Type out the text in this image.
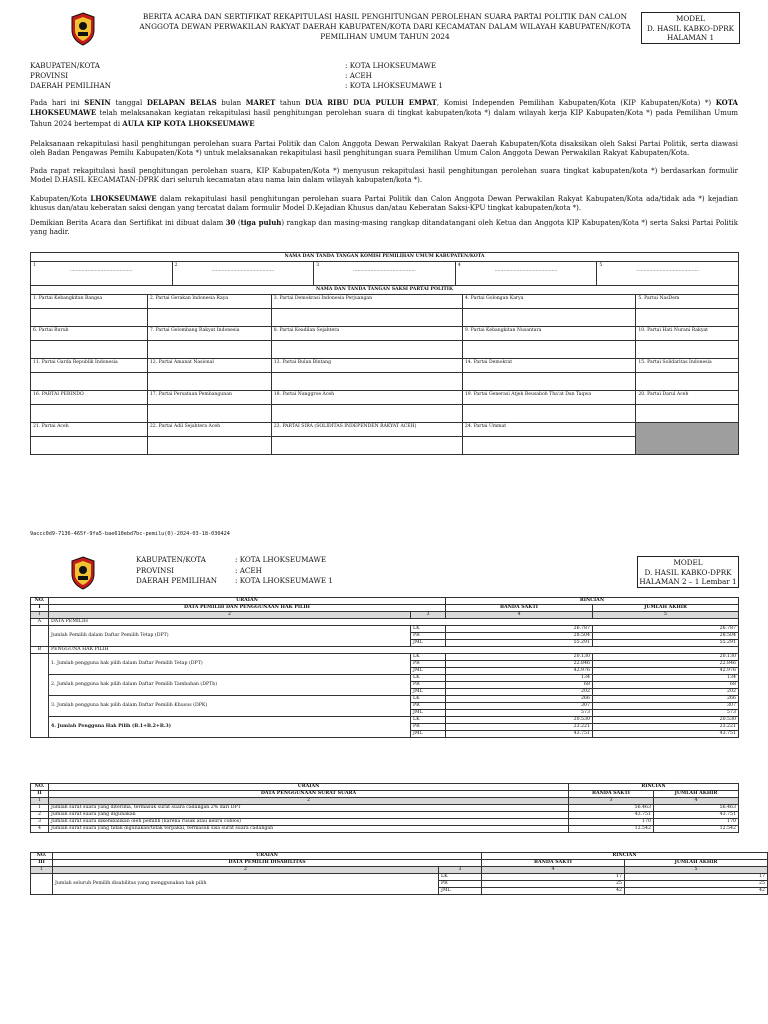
BERITA ACARA DAN SERTIFIKAT REKAPITULASI HASIL PENGHITUNGAN PEROLEHAN SUARA PARTAI POLITIK DAN CALON ANGGOTA DEWAN PERWAKILAN RAKYAT DAERAH KABUPATEN/KOTA DARI KECAMATAN DALAM WILAYAH KABUPATEN/KOTA PEMILIHAN UMUM TAHUN 2024
MODEL
D. HASIL KABKO-DPRK
HALAMAN 1
KABUPATEN/KOTA	: KOTA LHOKSEUMAWE
PROVINSI	: ACEH
DAERAH PEMILIHAN	: KOTA LHOKSEUMAWE 1
Pada hari ini SENIN tanggal DELAPAN BELAS bulan MARET tahun DUA RIBU DUA PULUH EMPAT, Komisi Independen Pemilihan Kabupaten/Kota (KIP Kabupaten/Kota) *) KOTA LHOKSEUMAWE telah melaksanakan kegiatan rekapitulasi hasil penghitungan perolehan suara di tingkat kabupaten/kota *) dalam wilayah kerja KIP Kabupaten/Kota *) pada Pemilihan Umum Tahun 2024 bertempat di AULA KIP KOTA LHOKSEUMAWE
Pelaksanaan rekapitulasi hasil penghitungan perolehan suara Partai Politik dan Calon Anggota Dewan Perwakilan Rakyat Daerah Kabupaten/Kota disaksikan oleh Saksi Partai Politik, serta diawasi oleh Badan Pengawas Pemilu Kabupaten/Kota *) untuk melaksanakan rekapitulasi hasil penghitungan suara Pemilihan Umum Calon Anggota Dewan Perwakilan Rakyat Kabupaten/Kota.
Pada rapat rekapitulasi hasil penghitungan perolehan suara, KIP Kabupaten/Kota *) menyusun rekapitulasi hasil penghitungan perolehan suara tingkat kabupaten/kota *) berdasarkan formulir Model D.HASIL KECAMATAN-DPRK dari seluruh kecamatan atau nama lain dalam wilayah kabupaten/kota *).
Kabupaten/Kota LHOKSEUMAWE dalam rekapitulasi hasil penghitungan perolehan suara Partai Politik dan Calon Anggota Dewan Perwakilan Rakyat Kabupaten/Kota ada/tidak ada *) kejadian khusus dan/atau keberatan saksi dengan yang tercatat dalam formulir Model D.Kejadian Khusus dan/atau Keberatan Saksi-KPU tingkat kabupaten/kota *).
Demikian Berita Acara dan Sertifikat ini dibuat dalam 30 (tiga puluh) rangkap dan masing-masing rangkap ditandatangani oleh Ketua dan Anggota KIP Kabupaten/Kota *) serta Saksi Partai Politik yang hadir.
NAMA DAN TANDA TANGAN KOMISI PEMILIHAN UMUM KABUPATEN/KOTA

1
...........................................

2
...........................................

3
...........................................

4
...........................................

5
...........................................
NAMA DAN TANDA TANGAN SAKSI PARTAI POLITIK				
1. Partai Kebangkitan Bangsa	2. Partai Gerakan Indonesia Raya	3. Partai Demokrasi Indonesia Perjuangan	4. Partai Golongan Karya	5. Partai NasDem

6. Partai Buruh	7. Partai Gelombang Rakyat Indonesia	8. Partai Keadilan Sejahtera	9. Partai Kebangkitan Nusantara	10. Partai Hati Nurani Rakyat

11. Partai Garda Republik Indonesia	12. Partai Amanat Nasional	13. Partai Bulan Bintang	14. Partai Demokrat	15. Partai Solidaritas Indonesia

16. PARTAI PERINDO	17. Partai Persatuan Pembangunan	18. Partai Nanggroe Aceh	19. Partai Generasi Atjeh Beusaboh Tha'at Dan Taqwa	20. Partai Darul Aceh

21. Partai Aceh	22. Partai Adil Sejahtera Aceh	23. PARTAI SIRA (SOLIDITAS INDEPENDEN RAKYAT ACEH)	24. Partai Ummat	

9accc0d9-7136-465f-9fa5-bae610ebd7bc-pemilu(0)-2024-03-18-030424
KABUPATEN/KOTA	: KOTA LHOKSEUMAWE
PROVINSI	: ACEH
DAERAH PEMILIHAN	: KOTA LHOKSEUMAWE 1
MODEL
D. HASIL KABKO-DPRK
HALAMAN 2 – 1 Lembar 1
NO.	URAIAN		RINCIAN	
I	DATA PEMILIH DAN PENGGUNAAN HAK PILIH		BANDA SAKTI	JUMLAH AKHIR
1	2	3	4	5
A	DATA PEMILIH			
	Jumlah Pemilih dalam Daftar Pemilih Tetap (DPT)	LK	26.787	26.787
		PR	28.504	28.504
		JML	55.291	55.291
B	PENGGUNA HAK PILIH			
	1. Jumlah pengguna hak pilih dalam Daftar Pemilih Tetap (DPT)	LK	20.130	20.130
		PR	22.846	22.846
		JML	42.976	42.976
	2. Jumlah pengguna hak pilih dalam Daftar Pemilih Tambahan (DPTb)	LK	134	134
		PR	68	68
		JML	202	202
	3. Jumlah pengguna hak pilih dalam Daftar Pemilih Khusus (DPK)	LK	266	266
		PR	307	307
		JML	573	573
	4. Jumlah Pengguna Hak Pilih (B.1+B.2+B.3)	LK	20.530	20.530
		PR	23.221	23.221
		JML	43.751	43.751
NO.	URAIAN	RINCIAN	
II	DATA PENGGUNAAN SURAT SUARA	BANDA SAKTI	JUMLAH AKHIR
1	2	3	4
1	Jumlah surat suara yang diterima, termasuk surat suara cadangan 2% dari DPT	56.463	56.463
2	Jumlah surat suara yang digunakan	43.751	43.751
3	Jumlah surat suara dikembalikan oleh pemilih (karena rusak atau keliru coblos)	170	170
4	Jumlah surat suara yang tidak digunakan/tidak terpakai, termasuk sisa surat suara cadangan	12.542	12.542
NO.	URAIAN		RINCIAN	
III	DATA PEMILIH DISABILITAS		BANDA SAKTI	JUMLAH AKHIR
1	2	3	4	5
	Jumlah seluruh Pemilih disabilitas yang menggunakan hak pilih	LK	17	17
		PR	25	25
		JML	42	42
